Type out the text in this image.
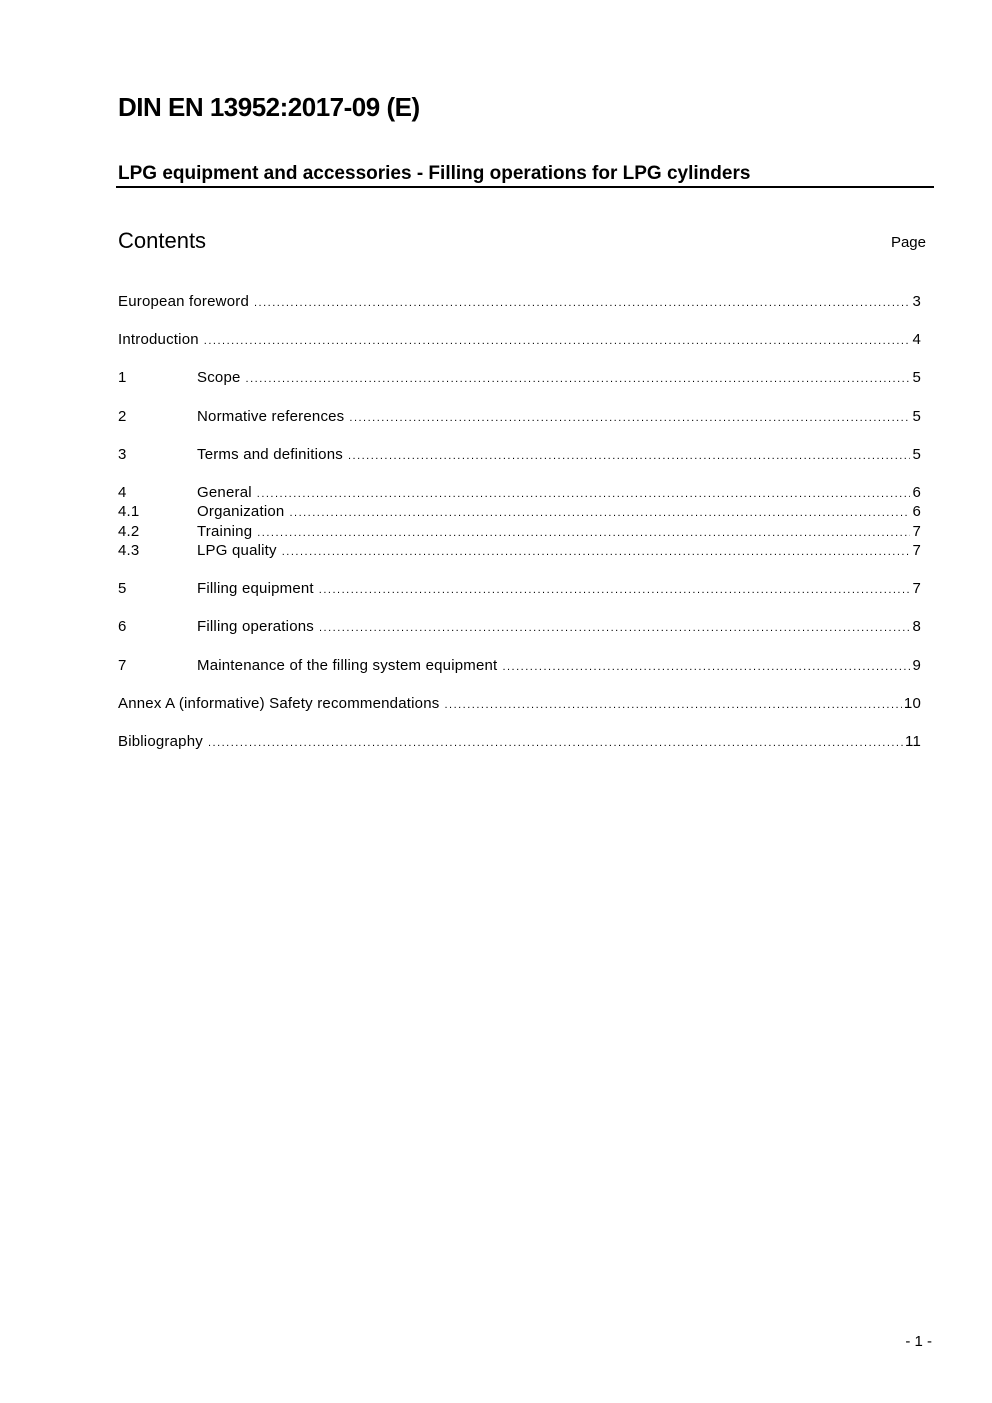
DIN EN 13952:2017-09 (E)
LPG equipment and accessories - Filling operations for LPG cylinders
Contents	Page
European foreword .....	3
Introduction .....	4
1	Scope .....	5
2	Normative references .....	5
3	Terms and definitions .....	5
4	General .....	6
4.1	Organization .....	6
4.2	Training .....	7
4.3	LPG quality .....	7
5	Filling equipment .....	7
6	Filling operations .....	8
7	Maintenance of the filling system equipment .....	9
Annex A (informative) Safety recommendations .....	10
Bibliography .....	11
- 1 -
